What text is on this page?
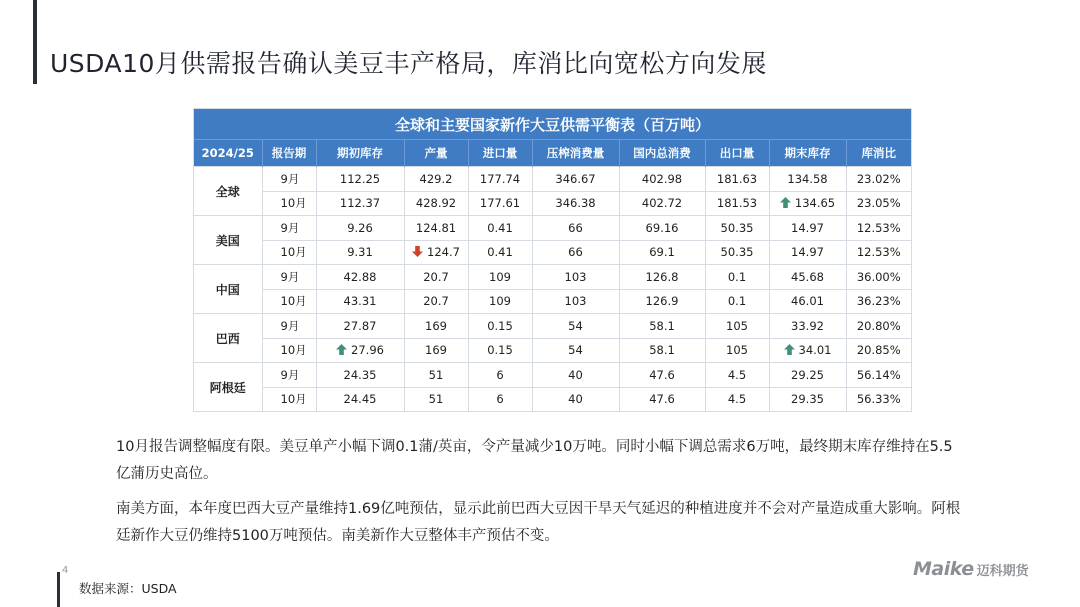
USDA10月供需报告确认美豆丰产格局，库消比向宽松方向发展
全球和主要国家新作大豆供需平衡表（百万吨）									
2024/25	报告期	期初库存	产量	进口量	压榨消费量	国内总消费	出口量	期末库存	库消比
全球	9月	112.25	429.2	177.74	346.67	402.98	181.63	134.58	23.02%
	10月	112.37	428.92	177.61	346.38	402.72	181.53	134.65	23.05%
美国	9月	9.26	124.81	0.41	66	69.16	50.35	14.97	12.53%
	10月	9.31	124.7	0.41	66	69.1	50.35	14.97	12.53%
中国	9月	42.88	20.7	109	103	126.8	0.1	45.68	36.00%
	10月	43.31	20.7	109	103	126.9	0.1	46.01	36.23%
巴西	9月	27.87	169	0.15	54	58.1	105	33.92	20.80%
	10月	27.96	169	0.15	54	58.1	105	34.01	20.85%
阿根廷	9月	24.35	51	6	40	47.6	4.5	29.25	56.14%
	10月	24.45	51	6	40	47.6	4.5	29.35	56.33%
10月报告调整幅度有限。美豆单产小幅下调0.1蒲/英亩，令产量减少10万吨。同时小幅下调总需求6万吨，最终期末库存维持在5.5亿蒲历史高位。
南美方面，本年度巴西大豆产量维持1.69亿吨预估，显示此前巴西大豆因干旱天气延迟的种植进度并不会对产量造成重大影响。阿根廷新作大豆仍维持5100万吨预估。南美新作大豆整体丰产预估不变。
4
数据来源：USDA
Maike 迈科期货
